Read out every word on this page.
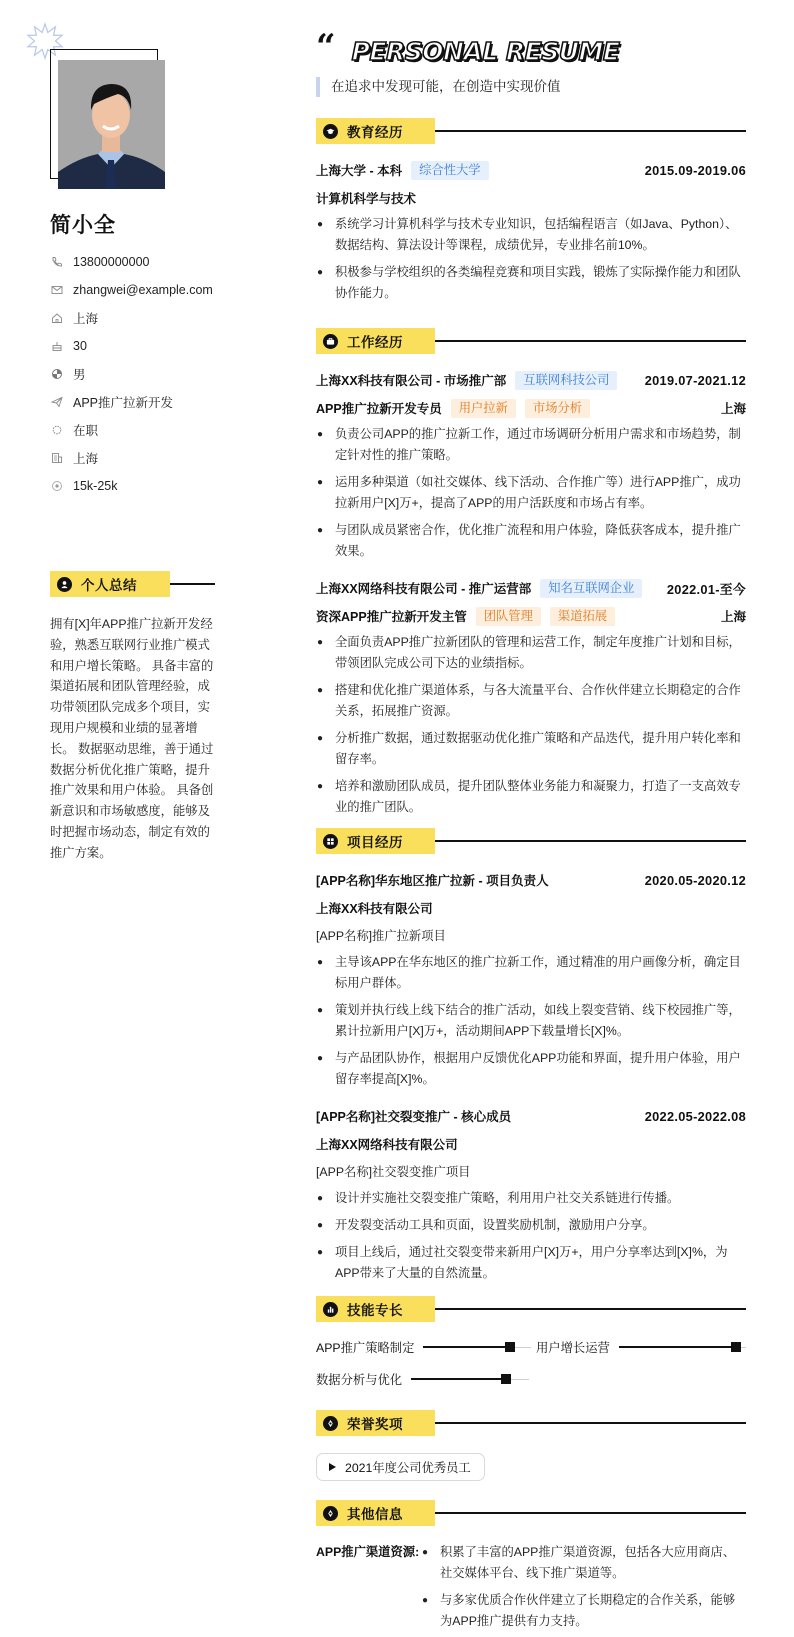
简小全
13800000000
zhangwei@example.com
上海
30
男
APP推广拉新开发
在职
上海
15k-25k
个人总结

拥有[X]年APP推广拉新开发经验，熟悉互联网行业推广模式和用户增长策略。 具备丰富的渠道拓展和团队管理经验，成功带领团队完成多个项目，实现用户规模和业绩的显著增长。 数据驱动思维，善于通过数据分析优化推广策略，提升推广效果和用户体验。 具备创新意识和市场敏感度，能够及时把握市场动态，制定有效的推广方案。

“ PERSONAL RESUME
在追求中发现可能，在创造中实现价值
教育经历
上海大学 - 本科	综合性大学	2015.09-2019.06
计算机科学与技术
● 系统学习计算机科学与技术专业知识，包括编程语言（如Java、Python）、数据结构、算法设计等课程，成绩优异，专业排名前10%。
● 积极参与学校组织的各类编程竞赛和项目实践，锻炼了实际操作能力和团队协作能力。
工作经历
上海XX科技有限公司 - 市场推广部	互联网科技公司	2019.07-2021.12
APP推广拉新开发专员	用户拉新	市场分析	上海
● 负责公司APP的推广拉新工作，通过市场调研分析用户需求和市场趋势，制定针对性的推广策略。
● 运用多种渠道（如社交媒体、线下活动、合作推广等）进行APP推广，成功拉新用户[X]万+，提高了APP的用户活跃度和市场占有率。
● 与团队成员紧密合作，优化推广流程和用户体验，降低获客成本，提升推广效果。
上海XX网络科技有限公司 - 推广运营部	知名互联网企业	2022.01-至今
资深APP推广拉新开发主管	团队管理	渠道拓展	上海
● 全面负责APP推广拉新团队的管理和运营工作，制定年度推广计划和目标，带领团队完成公司下达的业绩指标。
● 搭建和优化推广渠道体系，与各大流量平台、合作伙伴建立长期稳定的合作关系，拓展推广资源。
● 分析推广数据，通过数据驱动优化推广策略和产品迭代，提升用户转化率和留存率。
● 培养和激励团队成员，提升团队整体业务能力和凝聚力，打造了一支高效专业的推广团队。
项目经历
[APP名称]华东地区推广拉新 - 项目负责人	2020.05-2020.12
上海XX科技有限公司
[APP名称]推广拉新项目
● 主导该APP在华东地区的推广拉新工作，通过精准的用户画像分析，确定目标用户群体。
● 策划并执行线上线下结合的推广活动，如线上裂变营销、线下校园推广等，累计拉新用户[X]万+，活动期间APP下载量增长[X]%。
● 与产品团队协作，根据用户反馈优化APP功能和界面，提升用户体验，用户留存率提高[X]%。
[APP名称]社交裂变推广 - 核心成员	2022.05-2022.08
上海XX网络科技有限公司
[APP名称]社交裂变推广项目
● 设计并实施社交裂变推广策略，利用用户社交关系链进行传播。
● 开发裂变活动工具和页面，设置奖励机制，激励用户分享。
● 项目上线后，通过社交裂变带来新用户[X]万+，用户分享率达到[X]%，为APP带来了大量的自然流量。
技能专长
APP推广策略制定	用户增长运营
数据分析与优化
荣誉奖项
2021年度公司优秀员工
其他信息
APP推广渠道资源: ● 积累了丰富的APP推广渠道资源，包括各大应用商店、社交媒体平台、线下推广渠道等。
● 与多家优质合作伙伴建立了长期稳定的合作关系，能够为APP推广提供有力支持。
